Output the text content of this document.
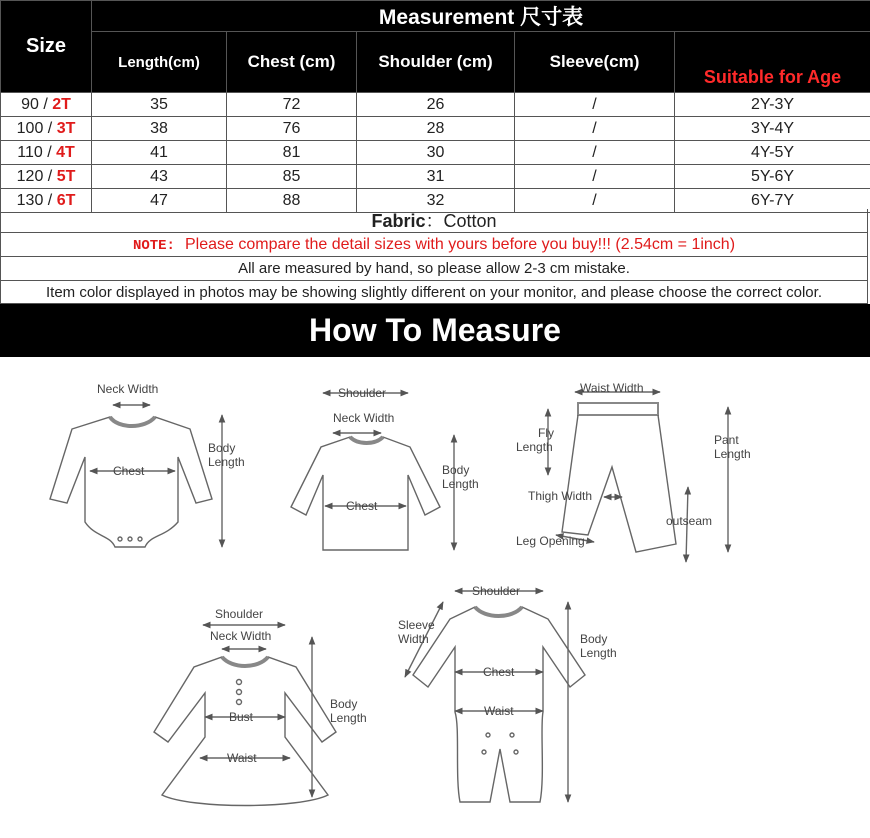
Size	Measurement 尺寸表				
	Length(cm)	Chest (cm)	Shoulder (cm)	Sleeve(cm)	Suitable for Age
90 / 2T	35	72	26	/	2Y-3Y
100 / 3T	38	76	28	/	3Y-4Y
110 / 4T	41	81	30	/	4Y-5Y
120 / 5T	43	85	31	/	5Y-6Y
130 / 6T	47	88	32	/	6Y-7Y
Fabric：Cotton
NOTE: Please compare the detail sizes with yours before you buy!!! (2.54cm = 1inch)
All are measured by hand, so please allow 2-3 cm mistake.
Item color displayed in photos may be showing slightly different on your monitor, and please choose the correct color.
How To Measure
Neck Width
Chest
Body
Length
Shoulder
Neck Width
Chest
Body
Length
Waist Width
Fly
Length	Pant
Length
Thigh Width
outseam
Leg Opening
Shoulder
Neck Width
Bust
Waist
Body
Length
Shoulder
Sleeve
Width
Chest
Waist
Body
Length
